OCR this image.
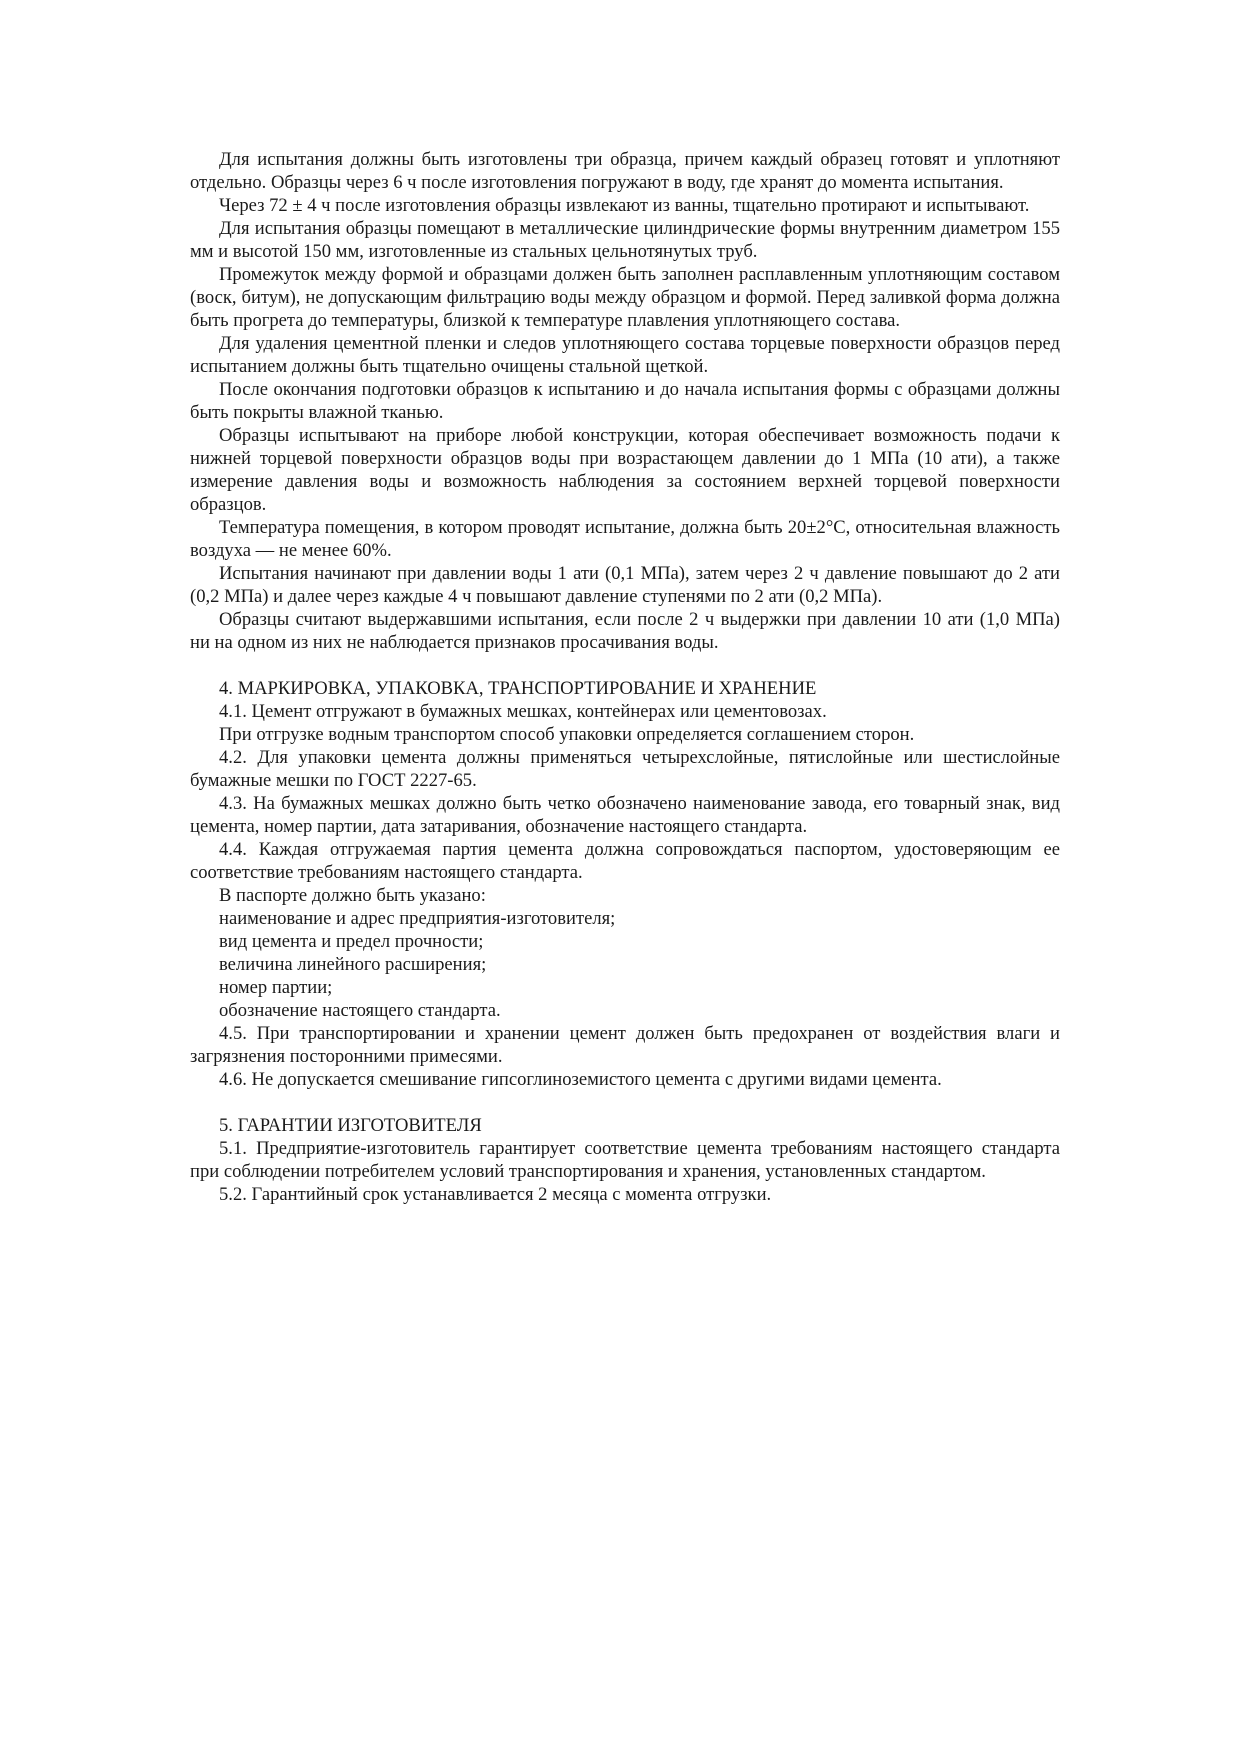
Для испытания должны быть изготовлены три образца, причем каждый образец готовят и уплотняют отдельно. Образцы через 6 ч после изготовления погружают в воду, где хранят до момента испытания.

Через 72 ± 4 ч после изготовления образцы извлекают из ванны, тщательно протирают и испытывают.

Для испытания образцы помещают в металлические цилиндрические формы внутренним диаметром 155 мм и высотой 150 мм, изготовленные из стальных цельнотянутых труб.

Промежуток между формой и образцами должен быть заполнен расплавленным уплотняющим составом (воск, битум), не допускающим фильтрацию воды между образцом и формой. Перед заливкой форма должна быть прогрета до температуры, близкой к температуре плавления уплотняющего состава.

Для удаления цементной пленки и следов уплотняющего состава торцевые поверхности образцов перед испытанием должны быть тщательно очищены стальной щеткой.

После окончания подготовки образцов к испытанию и до начала испытания формы с образцами должны быть покрыты влажной тканью.

Образцы испытывают на приборе любой конструкции, которая обеспечивает возможность подачи к нижней торцевой поверхности образцов воды при возрастающем давлении до 1 МПа (10 ати), а также измерение давления воды и возможность наблюдения за состоянием верхней торцевой поверхности образцов.

Температура помещения, в котором проводят испытание, должна быть 20±2°С, относительная влажность воздуха — не менее 60%.

Испытания начинают при давлении воды 1 ати (0,1 МПа), затем через 2 ч давление повышают до 2 ати (0,2 МПа) и далее через каждые 4 ч повышают давление ступенями по 2 ати (0,2 МПа).

Образцы считают выдержавшими испытания, если после 2 ч выдержки при давлении 10 ати (1,0 МПа) ни на одном из них не наблюдается признаков просачивания воды.

4. МАРКИРОВКА, УПАКОВКА, ТРАНСПОРТИРОВАНИЕ И ХРАНЕНИЕ

4.1. Цемент отгружают в бумажных мешках, контейнерах или цементовозах.

При отгрузке водным транспортом способ упаковки определяется соглашением сторон.

4.2. Для упаковки цемента должны применяться четырехслойные, пятислойные или шестислойные бумажные мешки по ГОСТ 2227-65.

4.3. На бумажных мешках должно быть четко обозначено наименование завода, его товарный знак, вид цемента, номер партии, дата затаривания, обозначение настоящего стандарта.

4.4. Каждая отгружаемая партия цемента должна сопровождаться паспортом, удостоверяющим ее соответствие требованиям настоящего стандарта.

В паспорте должно быть указано:

наименование и адрес предприятия-изготовителя;

вид цемента и предел прочности;

величина линейного расширения;

номер партии;

обозначение настоящего стандарта.

4.5. При транспортировании и хранении цемент должен быть предохранен от воздействия влаги и загрязнения посторонними примесями.

4.6. Не допускается смешивание гипсоглиноземистого цемента с другими видами цемента.

5. ГАРАНТИИ ИЗГОТОВИТЕЛЯ

5.1. Предприятие-изготовитель гарантирует соответствие цемента требованиям настоящего стандарта при соблюдении потребителем условий транспортирования и хранения, установленных стандартом.

5.2. Гарантийный срок устанавливается 2 месяца с момента отгрузки.
